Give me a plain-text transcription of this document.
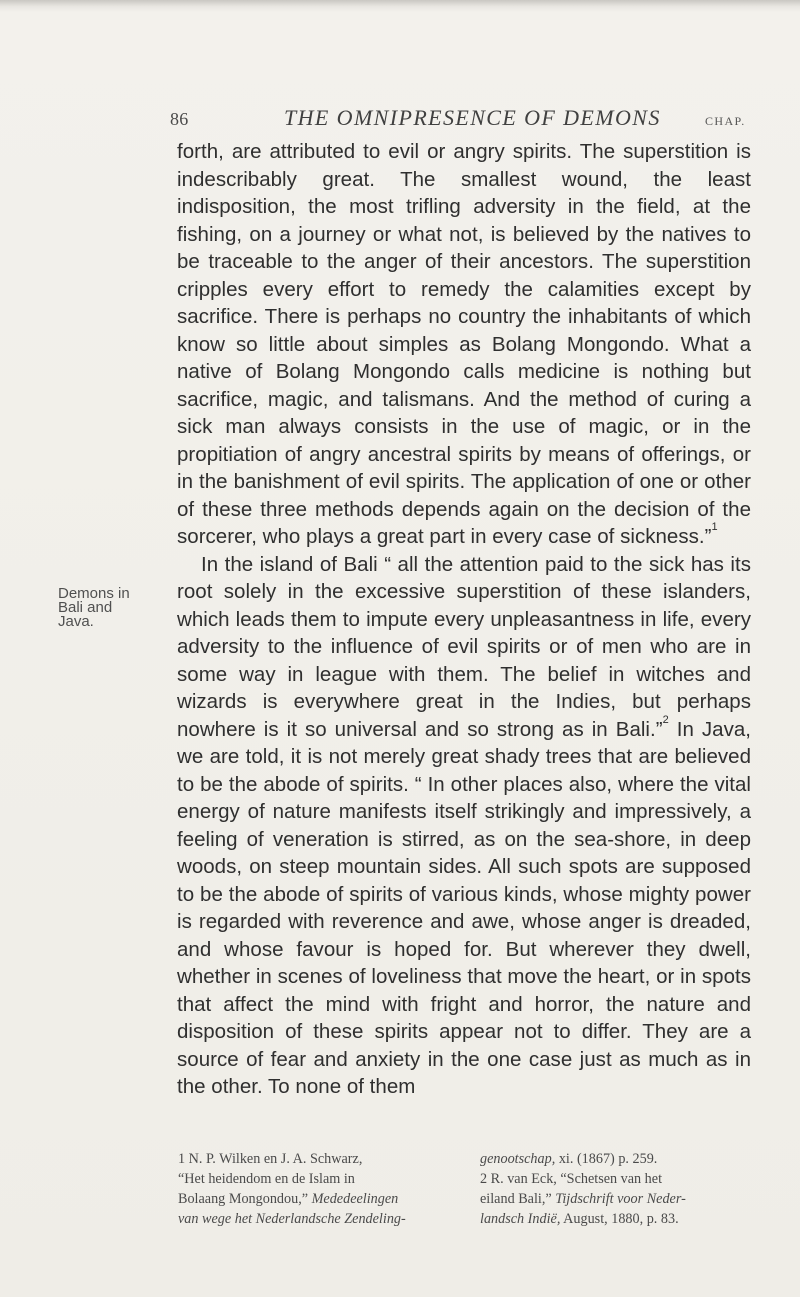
86	THE OMNIPRESENCE OF DEMONS	CHAP.
Demons in
Bali and
Java.

forth, are attributed to evil or angry spirits. The superstition is indescribably great. The smallest wound, the least indisposition, the most trifling adversity in the field, at the fishing, on a journey or what not, is believed by the natives to be traceable to the anger of their ancestors. The superstition cripples every effort to remedy the calamities except by sacrifice. There is perhaps no country the inhabitants of which know so little about simples as Bolang Mongondo. What a native of Bolang Mongondo calls medicine is nothing but sacrifice, magic, and talismans. And the method of curing a sick man always consists in the use of magic, or in the propitiation of angry ancestral spirits by means of offerings, or in the banishment of evil spirits. The application of one or other of these three methods depends again on the decision of the sorcerer, who plays a great part in every case of sickness.”$^1$

In the island of Bali “ all the attention paid to the sick has its root solely in the excessive superstition of these islanders, which leads them to impute every unpleasantness in life, every adversity to the influence of evil spirits or of men who are in some way in league with them. The belief in witches and wizards is everywhere great in the Indies, but perhaps nowhere is it so universal and so strong as in Bali.”$^2$ In Java, we are told, it is not merely great shady trees that are believed to be the abode of spirits. “ In other places also, where the vital energy of nature manifests itself strikingly and impressively, a feeling of veneration is stirred, as on the sea-shore, in deep woods, on steep mountain sides. All such spots are supposed to be the abode of spirits of various kinds, whose mighty power is regarded with reverence and awe, whose anger is dreaded, and whose favour is hoped for. But wherever they dwell, whether in scenes of loveliness that move the heart, or in spots that affect the mind with fright and horror, the nature and disposition of these spirits appear not to differ. They are a source of fear and anxiety in the one case just as much as in the other. To none of them

1 N. P. Wilken en J. A. Schwarz,
“Het heidendom en de Islam in
Bolaang Mongondou,” Mededeelingen
van wege het Nederlandsche Zendeling-
genootschap, xi. (1867) p. 259.
2 R. van Eck, “Schetsen van het
eiland Bali,” Tijdschrift voor Neder-
landsch Indië, August, 1880, p. 83.
